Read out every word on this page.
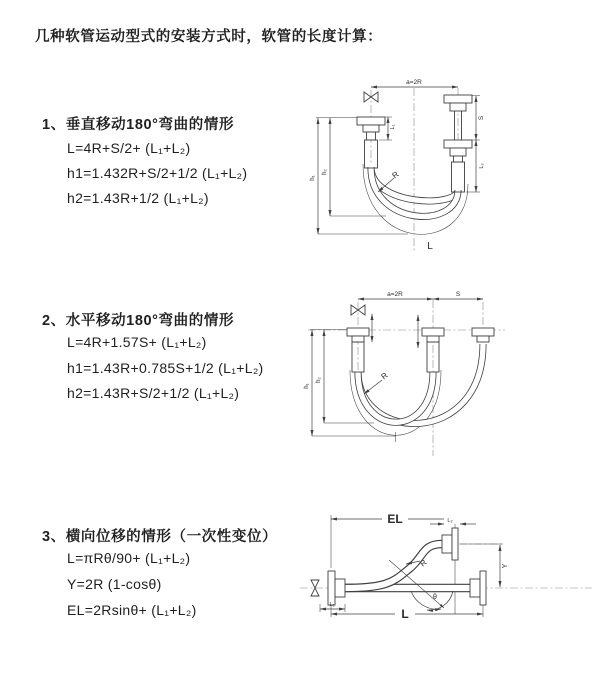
几种软管运动型式的安装方式时，软管的长度计算：
1、垂直移动180°弯曲的情形
L=4R+S/2+ (L₁+L₂)
h1=1.432R+S/2+1/2 (L₁+L₂)
h2=1.43R+1/2 (L₁+L₂)
2、水平移动180°弯曲的情形
L=4R+1.57S+ (L₁+L₂)
h1=1.43R+0.785S+1/2 (L₁+L₂)
h2=1.43R+S/2+1/2 (L₁+L₂)
3、横向位移的情形（一次性变位）
L=πRθ/90+ (L₁+L₂)
Y=2R (1-cosθ)
EL=2Rsinθ+ (L₁+L₂)
a=2R
h₁
h₂
L₁
S
L₂
R
L
a=2R	S
h₁
h₂	R
EL	L₂
Y
L
L₁
θ
R
